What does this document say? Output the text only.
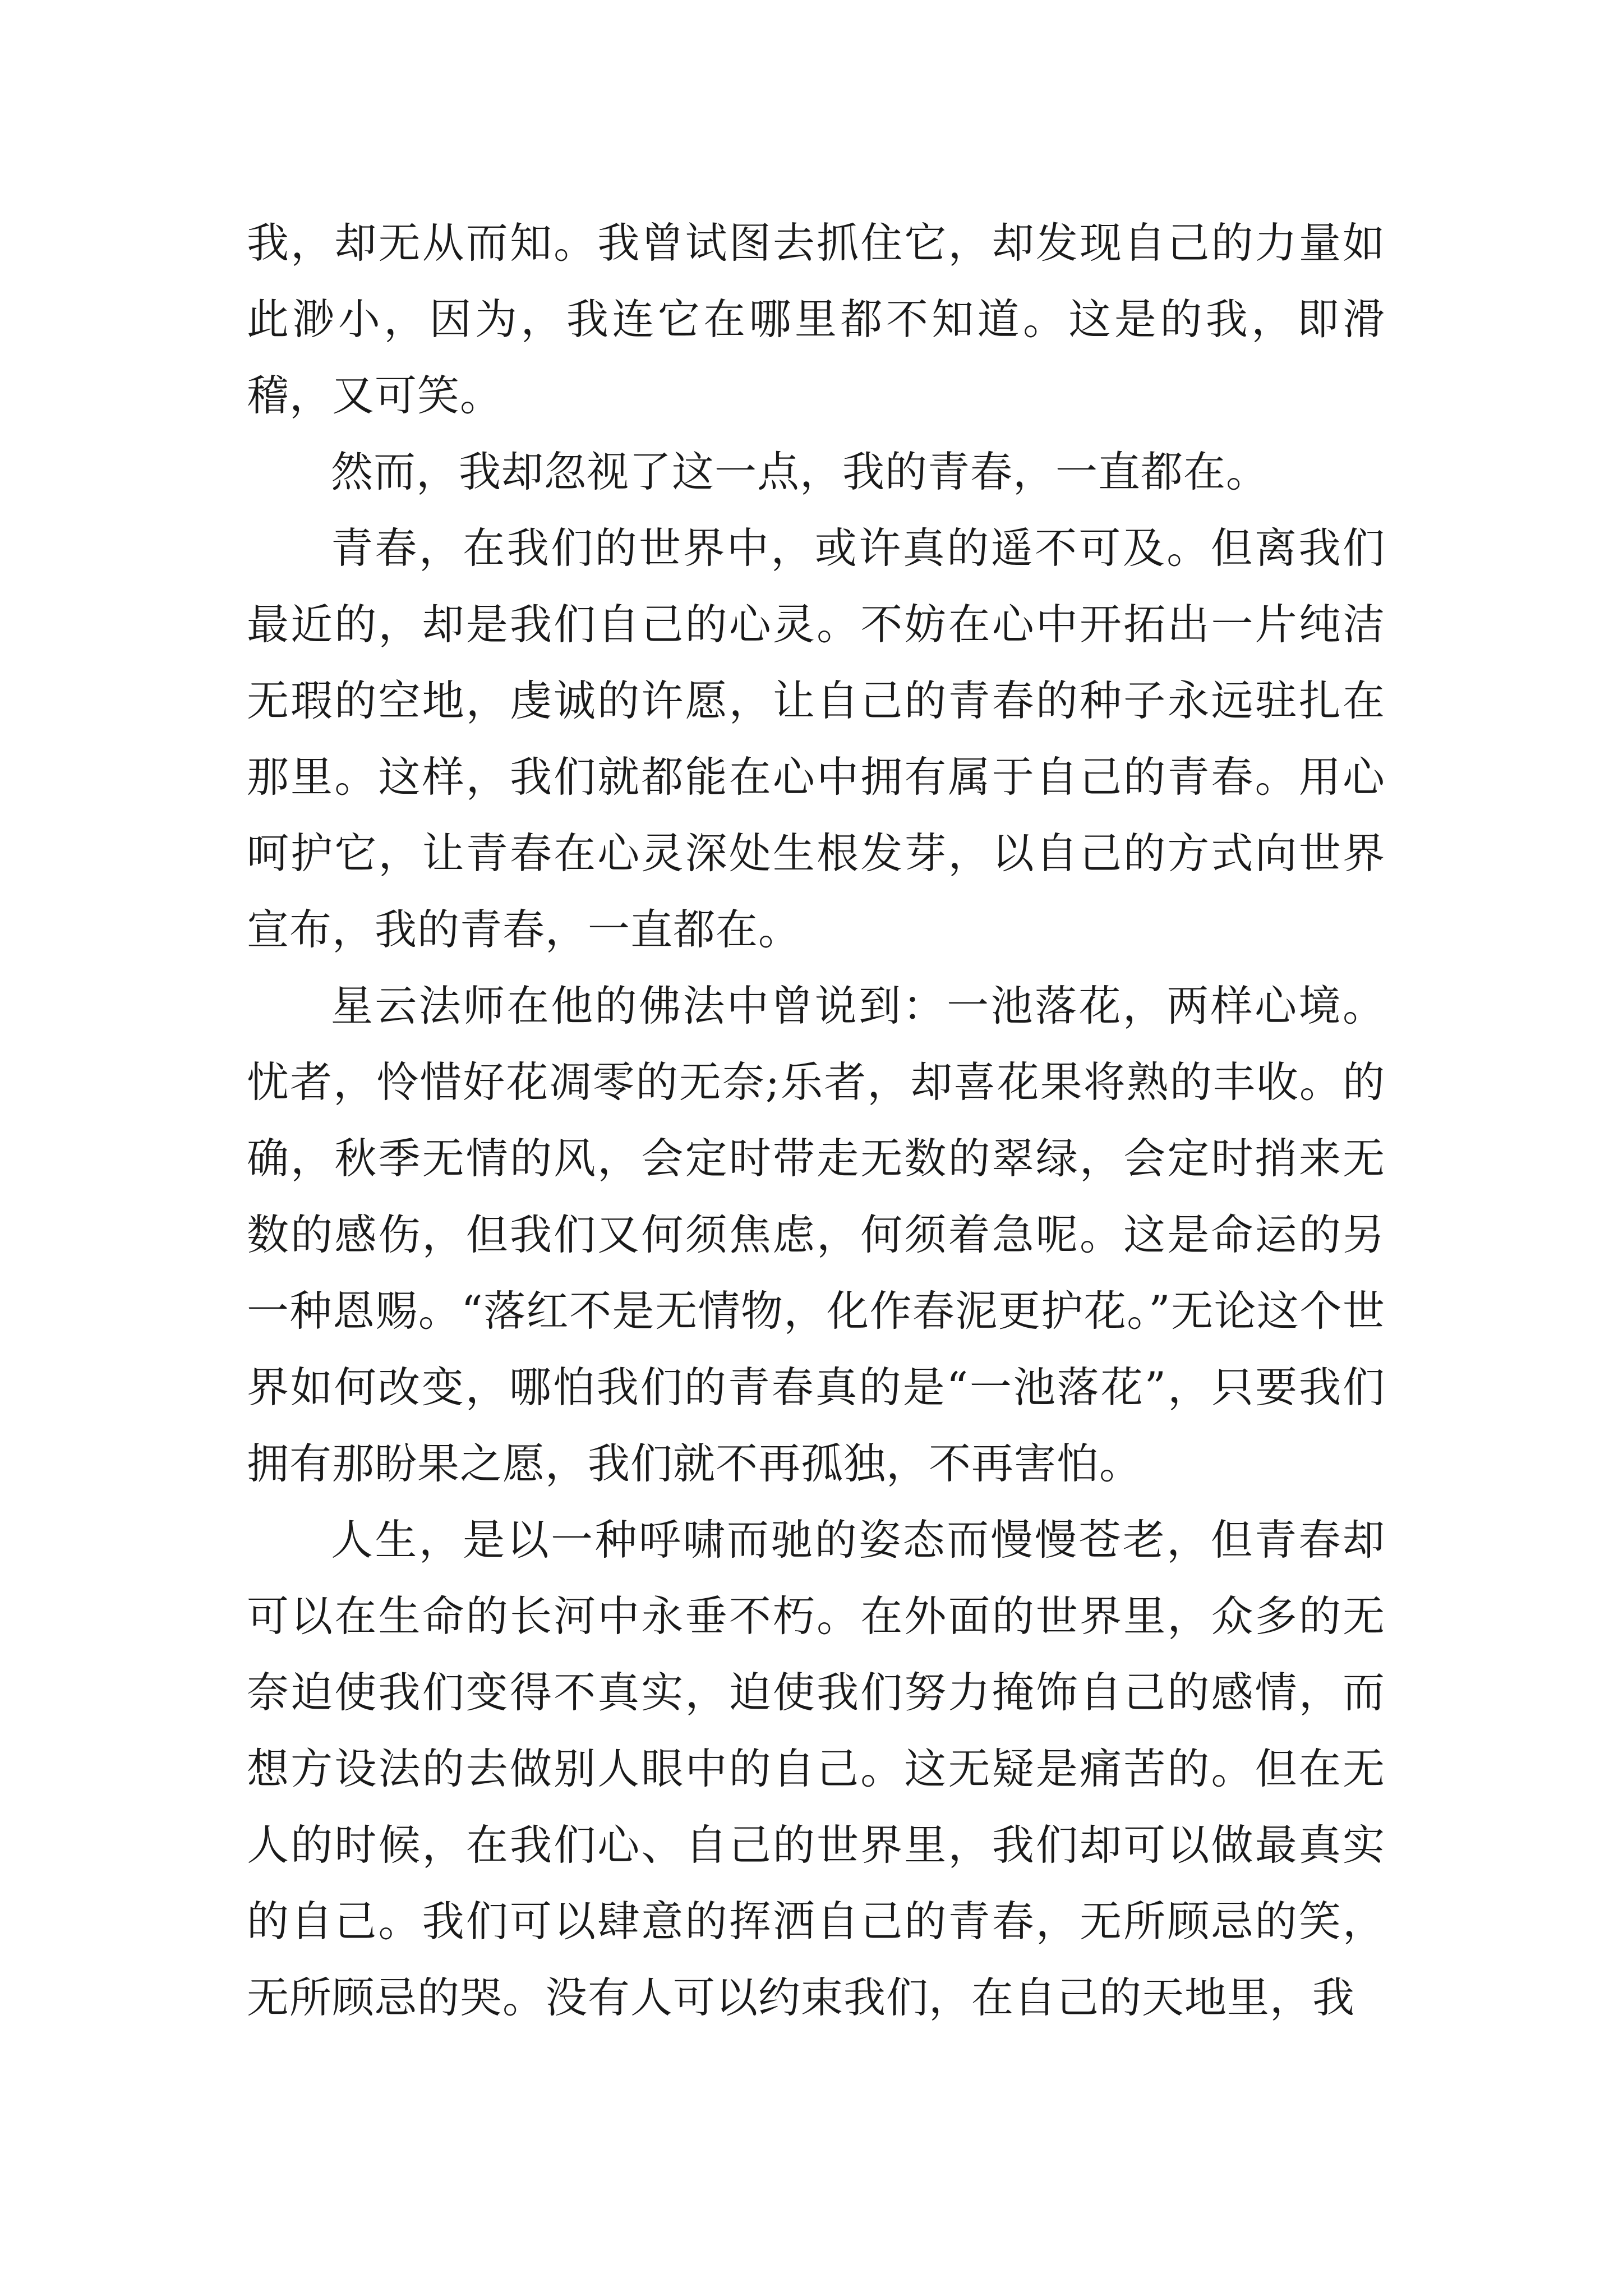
我，却无从而知。我曾试图去抓住它，却发现自己的力量如此渺小，因为，我连它在哪里都不知道。这是的我，即滑稽，又可笑。

然而，我却忽视了这一点，我的青春，一直都在。

青春，在我们的世界中，或许真的遥不可及。但离我们最近的，却是我们自己的心灵。不妨在心中开拓出一片纯洁无瑕的空地，虔诚的许愿，让自己的青春的种子永远驻扎在那里。这样，我们就都能在心中拥有属于自己的青春。用心呵护它，让青春在心灵深处生根发芽，以自己的方式向世界宣布，我的青春，一直都在。

星云法师在他的佛法中曾说到：一池落花，两样心境。忧者，怜惜好花凋零的无奈;乐者，却喜花果将熟的丰收。的确，秋季无情的风，会定时带走无数的翠绿，会定时捎来无数的感伤，但我们又何须焦虑，何须着急呢。这是命运的另一种恩赐。“落红不是无情物，化作春泥更护花。”无论这个世界如何改变，哪怕我们的青春真的是“一池落花”，只要我们拥有那盼果之愿，我们就不再孤独，不再害怕。

人生，是以一种呼啸而驰的姿态而慢慢苍老，但青春却可以在生命的长河中永垂不朽。在外面的世界里，众多的无奈迫使我们变得不真实，迫使我们努力掩饰自己的感情，而想方设法的去做别人眼中的自己。这无疑是痛苦的。但在无人的时候，在我们心、自己的世界里，我们却可以做最真实的自己。我们可以肆意的挥洒自己的青春，无所顾忌的笑，无所顾忌的哭。没有人可以约束我们，在自己的天地里，我
